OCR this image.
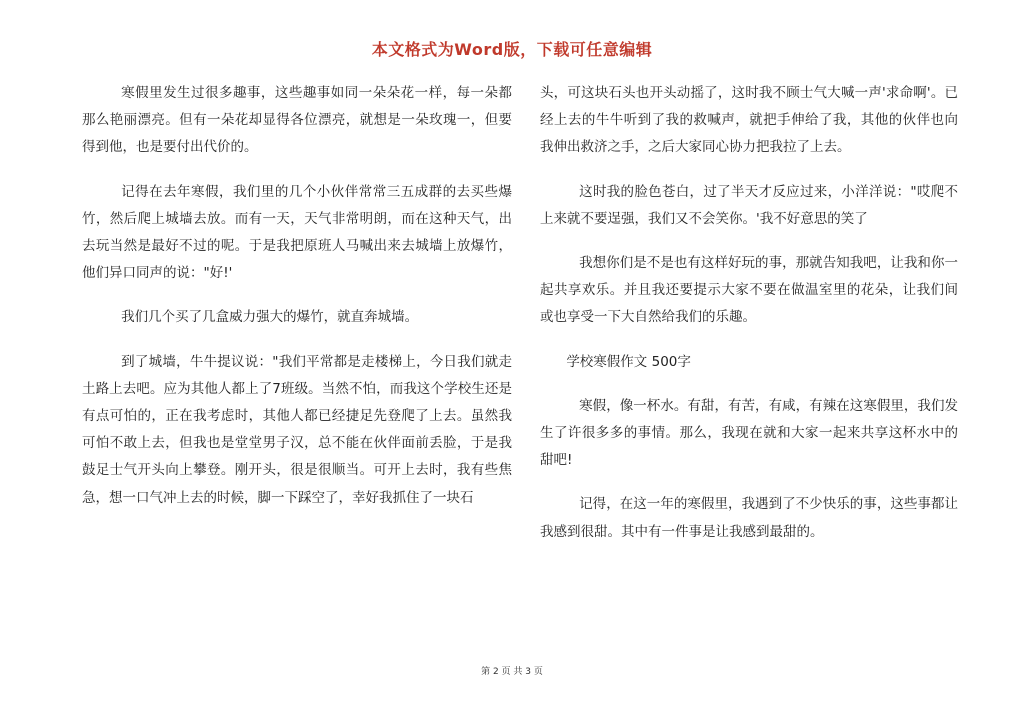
本文格式为Word版，下载可任意编辑

寒假里发生过很多趣事，这些趣事如同一朵朵花一样，每一朵都那么艳丽漂亮。但有一朵花却显得各位漂亮，就想是一朵玫瑰一，但要得到他，也是要付出代价的。

记得在去年寒假，我们里的几个小伙伴常常三五成群的去买些爆竹，然后爬上城墙去放。而有一天，天气非常明朗，而在这种天气，出去玩当然是最好不过的呢。于是我把原班人马喊出来去城墙上放爆竹，他们异口同声的说："好!'

我们几个买了几盒威力强大的爆竹，就直奔城墙。

到了城墙，牛牛提议说："我们平常都是走楼梯上，今日我们就走土路上去吧。应为其他人都上了7班级。当然不怕，而我这个学校生还是有点可怕的，正在我考虑时，其他人都已经捷足先登爬了上去。虽然我可怕不敢上去，但我也是堂堂男子汉，总不能在伙伴面前丢脸，于是我鼓足士气开头向上攀登。刚开头，很是很顺当。可开上去时，我有些焦急，想一口气冲上去的时候，脚一下踩空了，幸好我抓住了一块石

头，可这块石头也开头动摇了，这时我不顾士气大喊一声'求命啊'。已经上去的牛牛听到了我的救喊声，就把手伸给了我，其他的伙伴也向我伸出救济之手，之后大家同心协力把我拉了上去。

这时我的脸色苍白，过了半天才反应过来，小洋洋说："哎爬不上来就不要逞强，我们又不会笑你。'我不好意思的笑了

我想你们是不是也有这样好玩的事，那就告知我吧，让我和你一起共享欢乐。并且我还要提示大家不要在做温室里的花朵，让我们间或也享受一下大自然给我们的乐趣。

学校寒假作文 500字

寒假，像一杯水。有甜，有苦，有咸，有辣在这寒假里，我们发生了许很多多的事情。那么，我现在就和大家一起来共享这杯水中的甜吧!

记得，在这一年的寒假里，我遇到了不少快乐的事，这些事都让我感到很甜。其中有一件事是让我感到最甜的。

第 2 页 共 3 页
